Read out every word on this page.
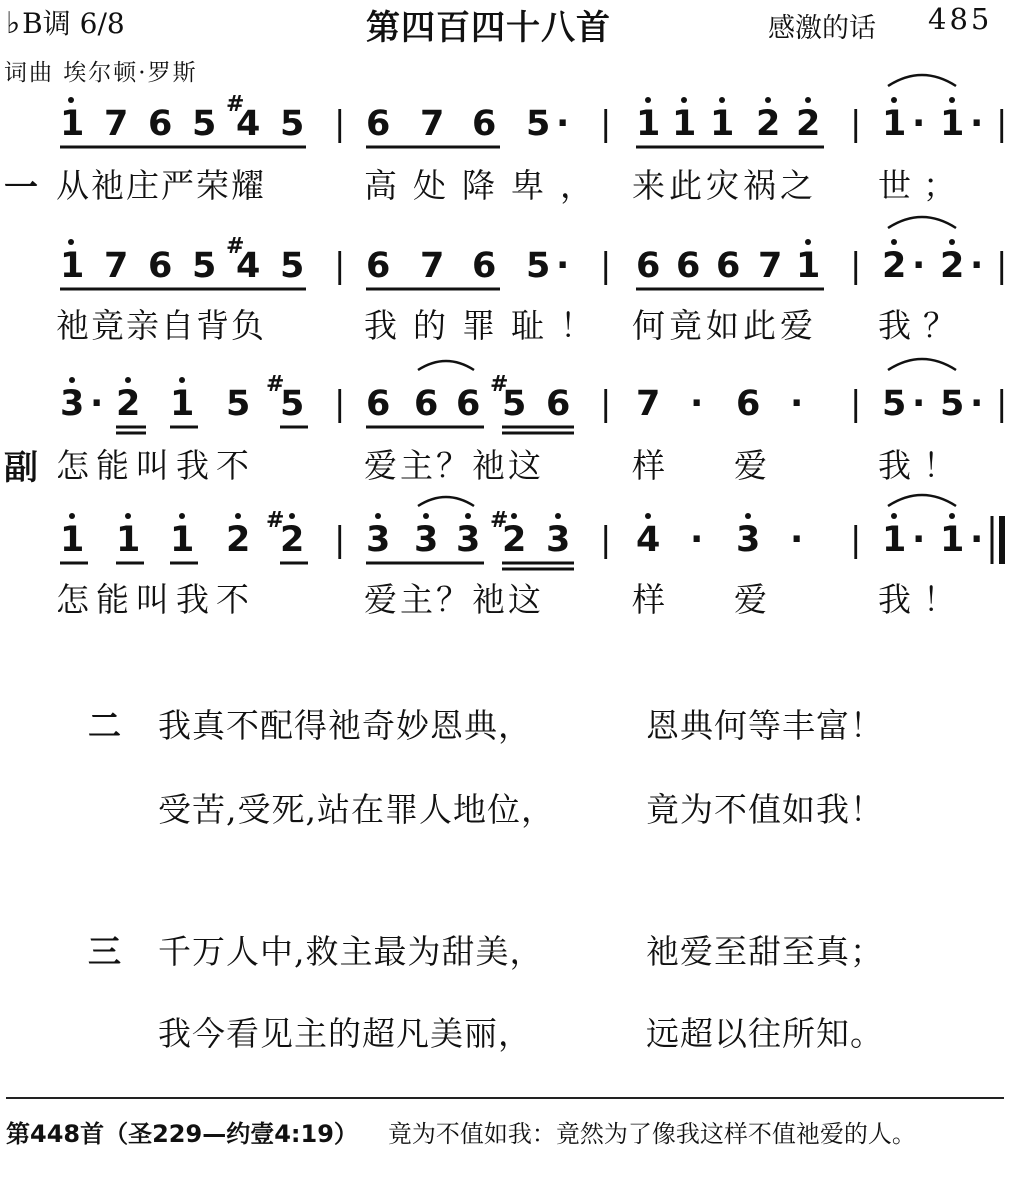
♭B调 6/8	第四百四十八首	感激的话 485
词曲 埃尔顿·罗斯
1 7 6 5 #
4 5 | 6 7 6 5 · | 1 1 1 2 2 | 1 · 1 · |
一 从祂庄严荣耀	高处降卑， 来此灾祸之 世；
1 7 6 5 #
4 5 | 6 7 6 5 · | 6 6 6 7 1 | 2 · 2 · |
祂竟亲自背负	我的罪耻！ 何竟如此爱 我？
3 · 2 1 5 #
5 | 6 6 6 #
5 6 | 7 · 6 · | 5 · 5 · |
副 怎能叫我不	爱主？祂这	样 爱	我！
1 1 1 2 #
2 | 3 3 3 #
2 3 | 4 · 3 · | 1 · 1 ·
怎能叫我不	爱主？祂这	样 爱	我！
二 我真不配得祂奇妙恩典，	恩典何等丰富！
受苦,受死,站在罪人地位，	竟为不值如我！
三 千万人中,救主最为甜美，	祂爱至甜至真；
我今看见主的超凡美丽，	远超以往所知。
第448首（圣229—约壹4:19） 竟为不值如我：竟然为了像我这样不值祂爱的人。
